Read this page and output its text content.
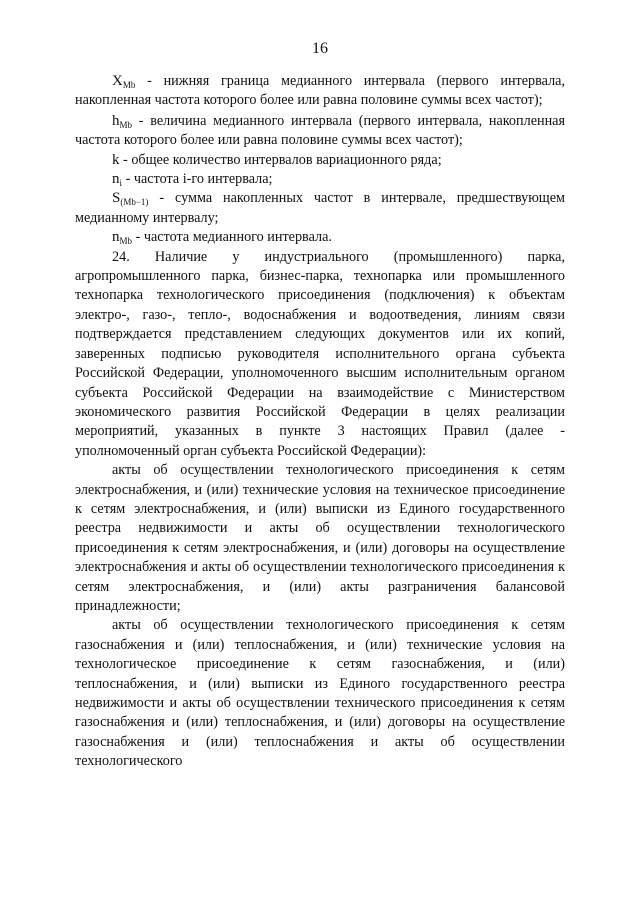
16

$X_{Mb}$ - нижняя граница медианного интервала (первого интервала, накопленная частота которого более или равна половине суммы всех частот);

$h_{Mb}$ - величина медианного интервала (первого интервала, накопленная частота которого более или равна половине суммы всех частот);

k - общее количество интервалов вариационного ряда;

$n_i$ - частота i-го интервала;

$S_{(Mb-1)}$ - сумма накопленных частот в интервале, предшествующем медианному интервалу;

$n_{Mb}$ - частота медианного интервала.

24. Наличие у индустриального (промышленного) парка, агропромышленного парка, бизнес-парка, технопарка или промышленного технопарка технологического присоединения (подключения) к объектам электро-, газо-, тепло-, водоснабжения и водоотведения, линиям связи подтверждается представлением следующих документов или их копий, заверенных подписью руководителя исполнительного органа субъекта Российской Федерации, уполномоченного высшим исполнительным органом субъекта Российской Федерации на взаимодействие с Министерством экономического развития Российской Федерации в целях реализации мероприятий, указанных в пункте 3 настоящих Правил (далее - уполномоченный орган субъекта Российской Федерации):

акты об осуществлении технологического присоединения к сетям электроснабжения, и (или) технические условия на техническое присоединение к сетям электроснабжения, и (или) выписки из Единого государственного реестра недвижимости и акты об осуществлении технологического присоединения к сетям электроснабжения, и (или) договоры на осуществление электроснабжения и акты об осуществлении технологического присоединения к сетям электроснабжения, и (или) акты разграничения балансовой принадлежности;

акты об осуществлении технологического присоединения к сетям газоснабжения и (или) теплоснабжения, и (или) технические условия на технологическое присоединение к сетям газоснабжения, и (или) теплоснабжения, и (или) выписки из Единого государственного реестра недвижимости и акты об осуществлении технического присоединения к сетям газоснабжения и (или) теплоснабжения, и (или) договоры на осуществление газоснабжения и (или) теплоснабжения и акты об осуществлении технологического
